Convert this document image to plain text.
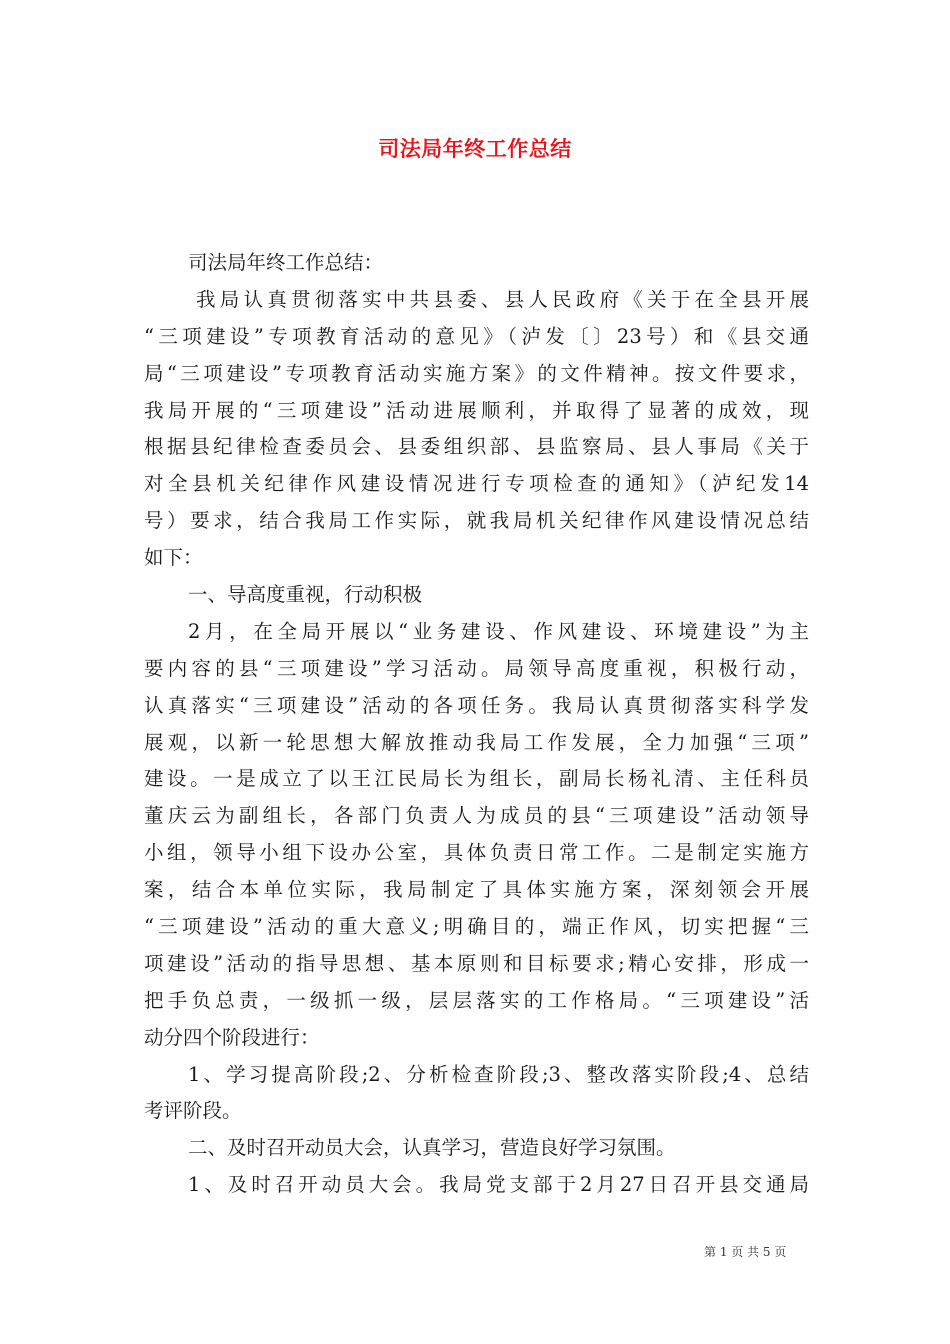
司法局年终工作总结
司法局年终工作总结：
我局认真贯彻落实中共县委、县人民政府《关于在全县开展
“三项建设”专项教育活动的意见》（泸发〔〕23号）和《县交通
局“三项建设”专项教育活动实施方案》的文件精神。按文件要求，
我局开展的“三项建设”活动进展顺利，并取得了显著的成效，现
根据县纪律检查委员会、县委组织部、县监察局、县人事局《关于
对全县机关纪律作风建设情况进行专项检查的通知》（泸纪发14
号）要求，结合我局工作实际，就我局机关纪律作风建设情况总结
如下：
一、导高度重视，行动积极
2月，在全局开展以“业务建设、作风建设、环境建设”为主
要内容的县“三项建设”学习活动。局领导高度重视，积极行动，
认真落实“三项建设”活动的各项任务。我局认真贯彻落实科学发
展观，以新一轮思想大解放推动我局工作发展，全力加强“三项”
建设。一是成立了以王江民局长为组长，副局长杨礼清、主任科员
董庆云为副组长，各部门负责人为成员的县“三项建设”活动领导
小组，领导小组下设办公室，具体负责日常工作。二是制定实施方
案，结合本单位实际，我局制定了具体实施方案，深刻领会开展
“三项建设”活动的重大意义;明确目的，端正作风，切实把握“三
项建设”活动的指导思想、基本原则和目标要求;精心安排，形成一
把手负总责，一级抓一级，层层落实的工作格局。“三项建设”活
动分四个阶段进行：
1、学习提高阶段;2、分析检查阶段;3、整改落实阶段;4、总结
考评阶段。
二、及时召开动员大会，认真学习，营造良好学习氛围。
1、及时召开动员大会。我局党支部于2月27日召开县交通局
第 1 页 共 5 页
